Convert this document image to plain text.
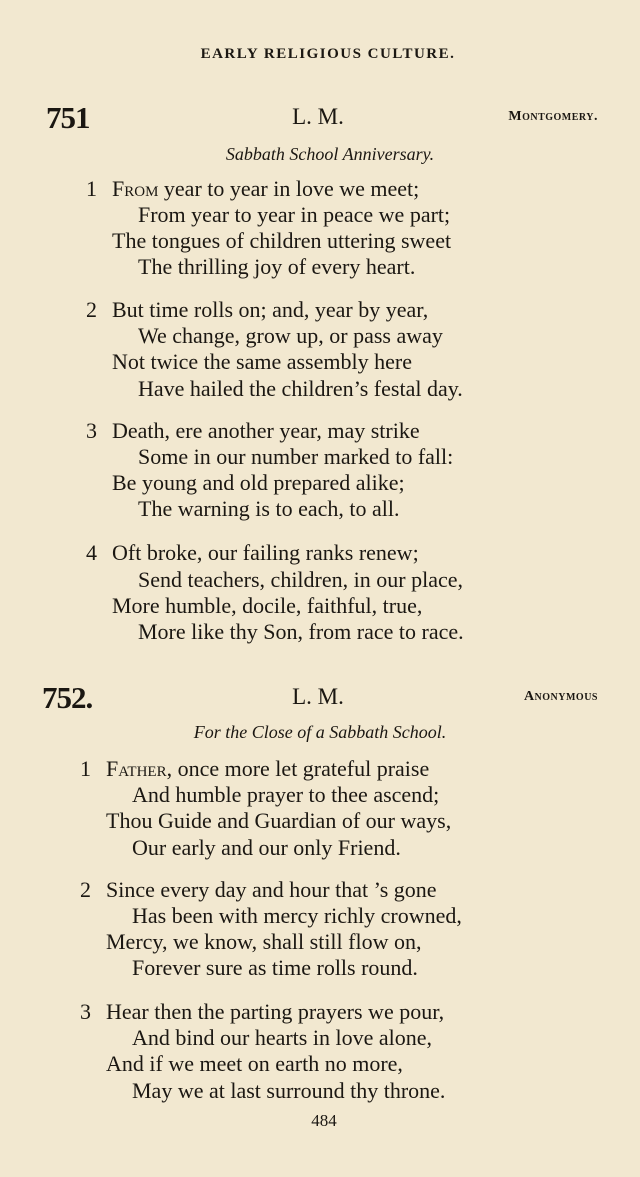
EARLY RELIGIOUS CULTURE.
751	L. M.	Montgomery.
Sabbath School Anniversary.
1 From year to year in love we meet;
From year to year in peace we part;
The tongues of children uttering sweet
The thrilling joy of every heart.
2 But time rolls on; and, year by year,
We change, grow up, or pass away
Not twice the same assembly here
Have hailed the children’s festal day.
3 Death, ere another year, may strike
Some in our number marked to fall:
Be young and old prepared alike;
The warning is to each, to all.
4 Oft broke, our failing ranks renew;
Send teachers, children, in our place,
More humble, docile, faithful, true,
More like thy Son, from race to race.
752.	L. M.	Anonymous
For the Close of a Sabbath School.
1 Father, once more let grateful praise
And humble prayer to thee ascend;
Thou Guide and Guardian of our ways,
Our early and our only Friend.
2 Since every day and hour that ’s gone
Has been with mercy richly crowned,
Mercy, we know, shall still flow on,
Forever sure as time rolls round.
3 Hear then the parting prayers we pour,
And bind our hearts in love alone,
And if we meet on earth no more,
May we at last surround thy throne.
484
